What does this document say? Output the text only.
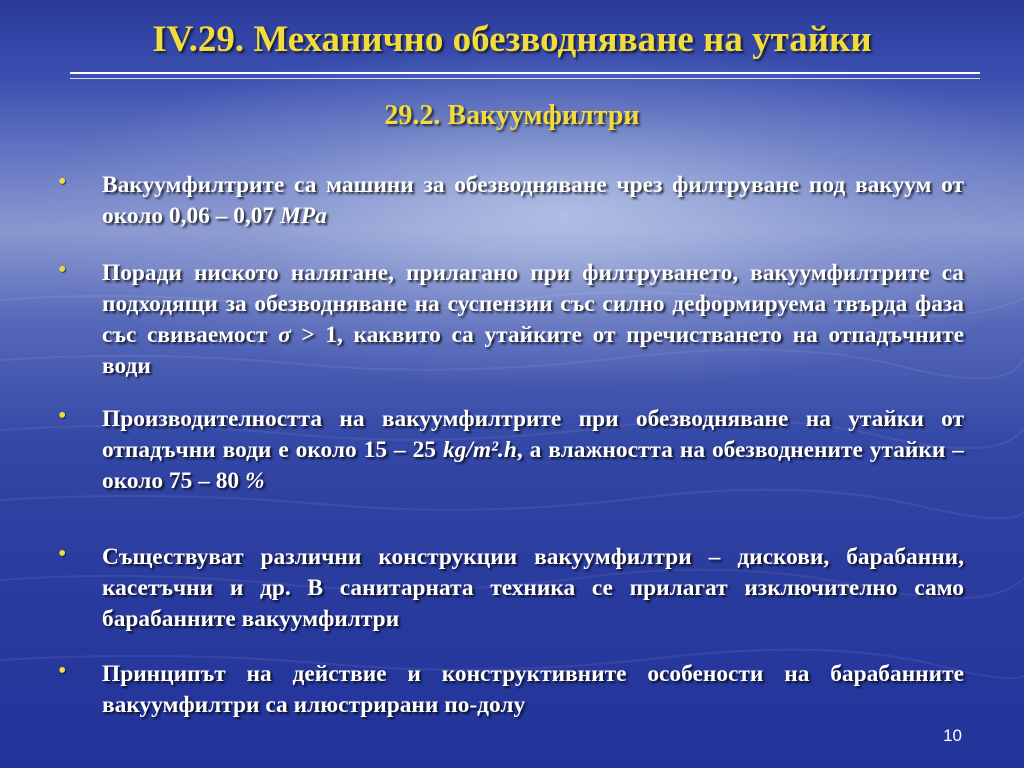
IV.29. Механично обезводняване на утайки
29.2. Вакуумфилтри
• Вакуумфилтрите са машини за обезводняване чрез филтруване под вакуум от около 0,06 – 0,07 MPa
• Поради ниското налягане, прилагано при филтруването, вакуумфилтрите са подходящи за обезводняване на суспензии със силно деформируема твърда фаза със свиваемост σ > 1, каквито са утайките от пречистването на отпадъчните води
• Производителността на вакуумфилтрите при обезводняване на утайки от отпадъчни води е около 15 – 25 kg/m².h, а влажността на обезводнените утайки – около 75 – 80 %
• Съществуват различни конструкции вакуумфилтри – дискови, барабанни, касетъчни и др. В санитарната техника се прилагат изключително само барабанните вакуумфилтри
• Принципът на действие и конструктивните особености на барабанните вакуумфилтри са илюстрирани по-долу
10
